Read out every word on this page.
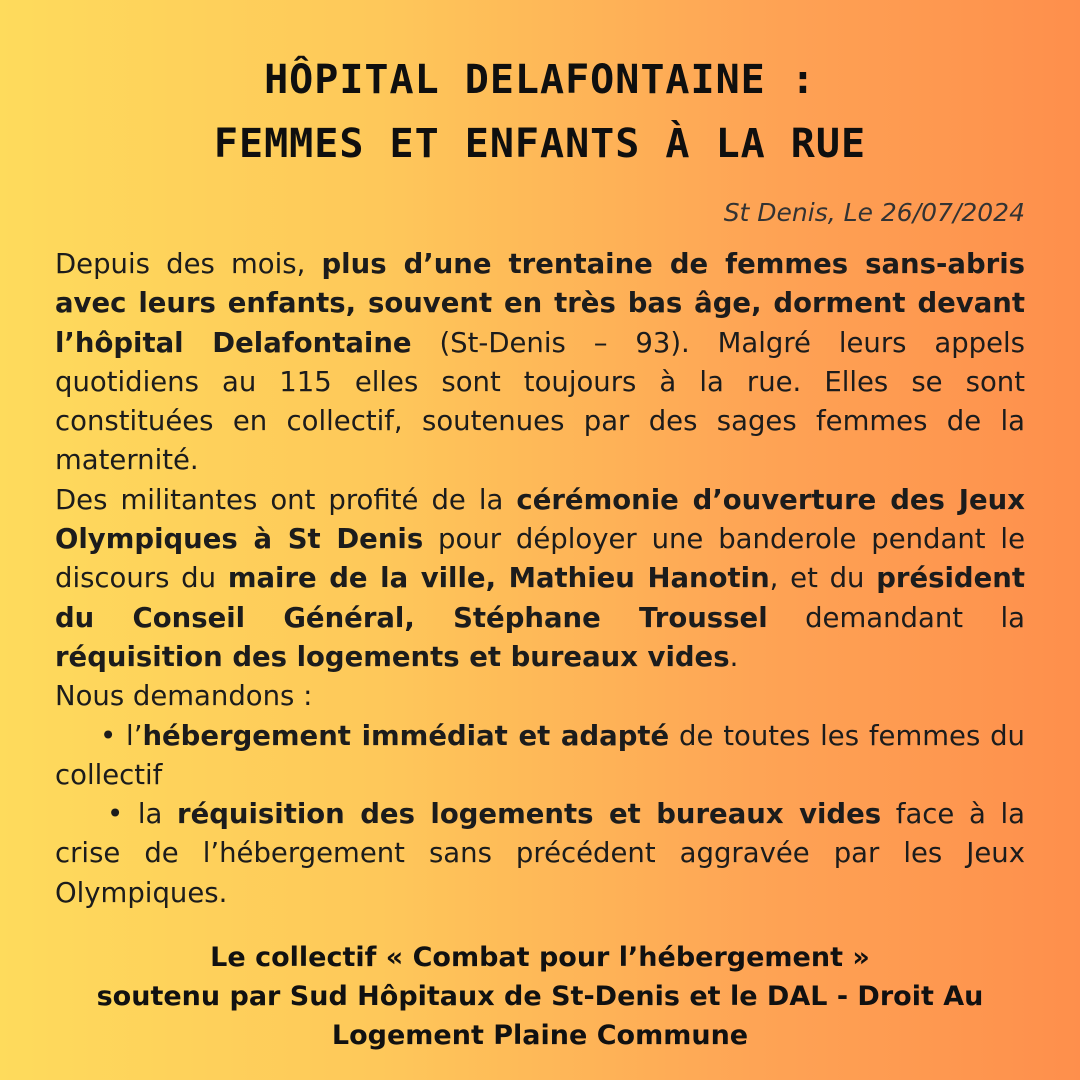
HÔPITAL DELAFONTAINE :
FEMMES ET ENFANTS À LA RUE
St Denis, Le 26/07/2024

Depuis des mois, plus d’une trentaine de femmes sans-abris avec leurs enfants, souvent en très bas âge, dorment devant l’hôpital Delafontaine (St-Denis – 93). Malgré leurs appels quotidiens au 115 elles sont toujours à la rue. Elles se sont constituées en collectif, soutenues par des sages femmes de la maternité.

Des militantes ont profité de la cérémonie d’ouverture des Jeux Olympiques à St Denis pour déployer une banderole pendant le discours du maire de la ville, Mathieu Hanotin, et du président du Conseil Général, Stéphane Troussel demandant la réquisition des logements et bureaux vides.

Nous demandons :

• l’hébergement immédiat et adapté de toutes les femmes du collectif

• la réquisition des logements et bureaux vides face à la crise de l’hébergement sans précédent aggravée par les Jeux Olympiques.

Le collectif « Combat pour l’hébergement »
soutenu par Sud Hôpitaux de St-Denis et le DAL - Droit Au
Logement Plaine Commune
